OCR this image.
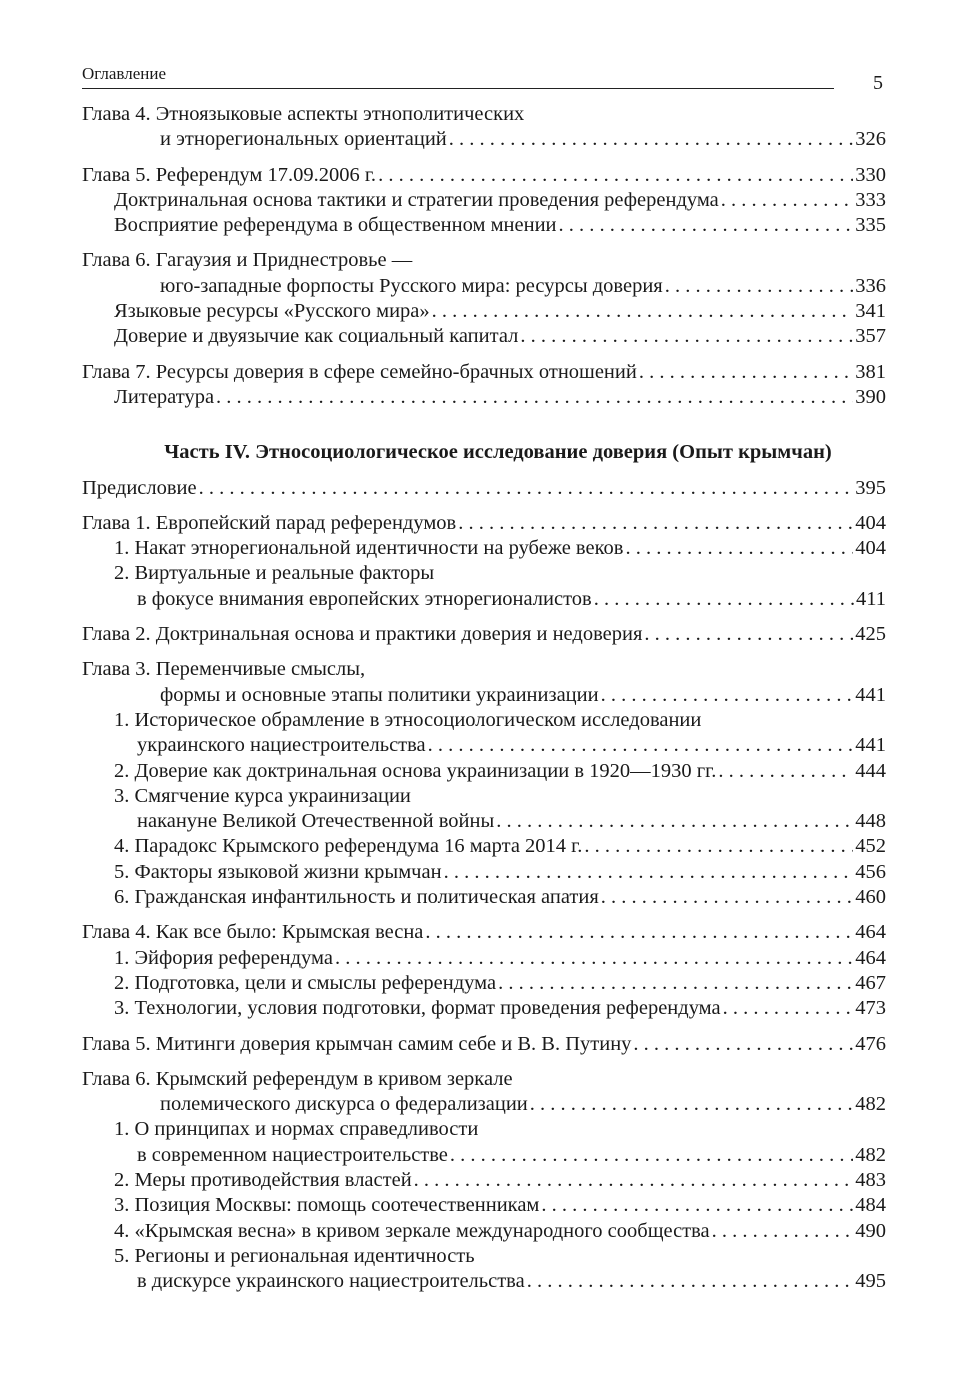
Оглавление	5
Глава 4. Этноязыковые аспекты этнополитических
и этнорегиональных ориентаций . . .	326
Глава 5. Референдум 17.09.2006 г. . . .	330
Доктринальная основа тактики и стратегии проведения референдума . . .	333
Восприятие референдума в общественном мнении . . .	335
Глава 6. Гагаузия и Приднестровье —
юго-западные форпосты Русского мира: ресурсы доверия . . .	336
Языковые ресурсы «Русского мира» . . .	341
Доверие и двуязычие как социальный капитал . . .	357
Глава 7. Ресурсы доверия в сфере семейно-брачных отношений . . .	381
Литература . . .	390
Часть IV. Этносоциологическое исследование доверия (Опыт крымчан)
Предисловие . . .	395
Глава 1. Европейский парад референдумов . . .	404
1. Накат этнорегиональной идентичности на рубеже веков . . .	404
2. Виртуальные и реальные факторы
в фокусе внимания европейских этнорегионалистов . . .	411
Глава 2. Доктринальная основа и практики доверия и недоверия . . .	425
Глава 3. Переменчивые смыслы,
формы и основные этапы политики украинизации . . .	441
1. Историческое обрамление в этносоциологическом исследовании
украинского нациестроительства . . .	441
2. Доверие как доктринальная основа украинизации в 1920—1930 гг. . . .	444
3. Смягчение курса украинизации
накануне Великой Отечественной войны . . .	448
4. Парадокс Крымского референдума 16 марта 2014 г. . . .	452
5. Факторы языковой жизни крымчан . . .	456
6. Гражданская инфантильность и политическая апатия . . .	460
Глава 4. Как все было: Крымская весна . . .	464
1. Эйфория референдума . . .	464
2. Подготовка, цели и смыслы референдума . . .	467
3. Технологии, условия подготовки, формат проведения референдума . . .	473
Глава 5. Митинги доверия крымчан самим себе и В. В. Путину . . .	476
Глава 6. Крымский референдум в кривом зеркале
полемического дискурса о федерализации . . .	482
1. О принципах и нормах справедливости
в современном нациестроительстве . . .	482
2. Меры противодействия властей . . .	483
3. Позиция Москвы: помощь соотечественникам . . .	484
4. «Крымская весна» в кривом зеркале международного сообщества . . .	490
5. Регионы и региональная идентичность
в дискурсе украинского нациестроительства . . .	495
